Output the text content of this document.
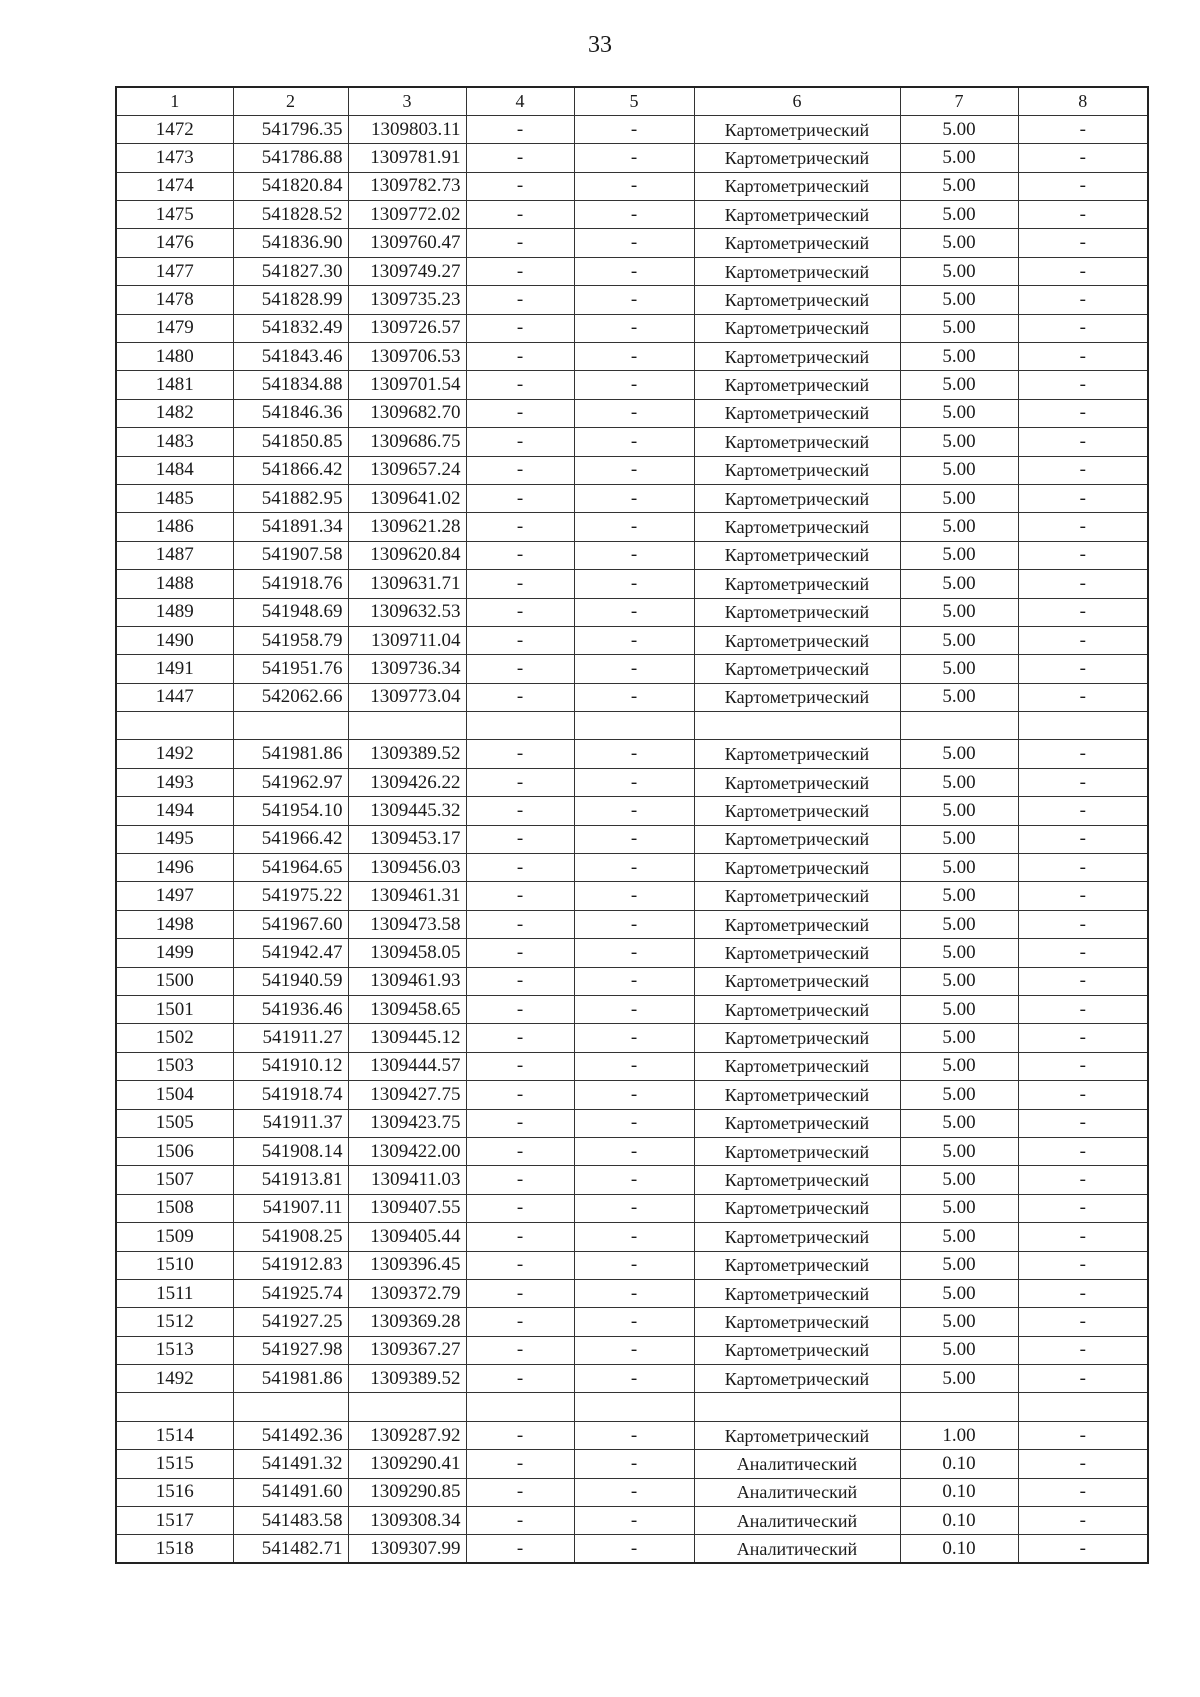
33
1	2	3	4	5	6	7	8
1472	541796.35	1309803.11	-	-	Картометрический	5.00	-
1473	541786.88	1309781.91	-	-	Картометрический	5.00	-
1474	541820.84	1309782.73	-	-	Картометрический	5.00	-
1475	541828.52	1309772.02	-	-	Картометрический	5.00	-
1476	541836.90	1309760.47	-	-	Картометрический	5.00	-
1477	541827.30	1309749.27	-	-	Картометрический	5.00	-
1478	541828.99	1309735.23	-	-	Картометрический	5.00	-
1479	541832.49	1309726.57	-	-	Картометрический	5.00	-
1480	541843.46	1309706.53	-	-	Картометрический	5.00	-
1481	541834.88	1309701.54	-	-	Картометрический	5.00	-
1482	541846.36	1309682.70	-	-	Картометрический	5.00	-
1483	541850.85	1309686.75	-	-	Картометрический	5.00	-
1484	541866.42	1309657.24	-	-	Картометрический	5.00	-
1485	541882.95	1309641.02	-	-	Картометрический	5.00	-
1486	541891.34	1309621.28	-	-	Картометрический	5.00	-
1487	541907.58	1309620.84	-	-	Картометрический	5.00	-
1488	541918.76	1309631.71	-	-	Картометрический	5.00	-
1489	541948.69	1309632.53	-	-	Картометрический	5.00	-
1490	541958.79	1309711.04	-	-	Картометрический	5.00	-
1491	541951.76	1309736.34	-	-	Картометрический	5.00	-
1447	542062.66	1309773.04	-	-	Картометрический	5.00	-

1492	541981.86	1309389.52	-	-	Картометрический	5.00	-
1493	541962.97	1309426.22	-	-	Картометрический	5.00	-
1494	541954.10	1309445.32	-	-	Картометрический	5.00	-
1495	541966.42	1309453.17	-	-	Картометрический	5.00	-
1496	541964.65	1309456.03	-	-	Картометрический	5.00	-
1497	541975.22	1309461.31	-	-	Картометрический	5.00	-
1498	541967.60	1309473.58	-	-	Картометрический	5.00	-
1499	541942.47	1309458.05	-	-	Картометрический	5.00	-
1500	541940.59	1309461.93	-	-	Картометрический	5.00	-
1501	541936.46	1309458.65	-	-	Картометрический	5.00	-
1502	541911.27	1309445.12	-	-	Картометрический	5.00	-
1503	541910.12	1309444.57	-	-	Картометрический	5.00	-
1504	541918.74	1309427.75	-	-	Картометрический	5.00	-
1505	541911.37	1309423.75	-	-	Картометрический	5.00	-
1506	541908.14	1309422.00	-	-	Картометрический	5.00	-
1507	541913.81	1309411.03	-	-	Картометрический	5.00	-
1508	541907.11	1309407.55	-	-	Картометрический	5.00	-
1509	541908.25	1309405.44	-	-	Картометрический	5.00	-
1510	541912.83	1309396.45	-	-	Картометрический	5.00	-
1511	541925.74	1309372.79	-	-	Картометрический	5.00	-
1512	541927.25	1309369.28	-	-	Картометрический	5.00	-
1513	541927.98	1309367.27	-	-	Картометрический	5.00	-
1492	541981.86	1309389.52	-	-	Картометрический	5.00	-

1514	541492.36	1309287.92	-	-	Картометрический	1.00	-
1515	541491.32	1309290.41	-	-	Аналитический	0.10	-
1516	541491.60	1309290.85	-	-	Аналитический	0.10	-
1517	541483.58	1309308.34	-	-	Аналитический	0.10	-
1518	541482.71	1309307.99	-	-	Аналитический	0.10	-
